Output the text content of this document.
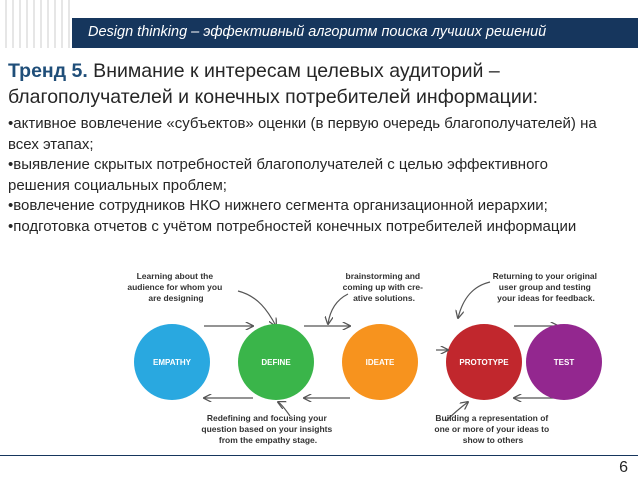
Design thinking – эффективный алгоритм поиска лучших решений

Тренд 5. Внимание к интересам целевых аудиторий – благополучателей и конечных потребителей информации:

•активное вовлечение «субъектов» оценки (в первую очередь благополучателей) на всех этапах;
•выявление скрытых потребностей благополучателей с целью эффективного решения социальных проблем;
•вовлечение сотрудников НКО нижнего сегмента организационной иерархии;
•подготовка отчетов с учётом потребностей конечных потребителей информации
Learning about the audience for whom you are designing
brainstorming and coming up with cre- ative solutions.
Returning to your original user group and testing your ideas for feedback.
EMPATHY	DEFINE	IDEATE	PROTOTYPE	TEST
Redefining and focusing your question based on your insights from the empathy stage.
Building a representation of one or more of your ideas to show to others
6
